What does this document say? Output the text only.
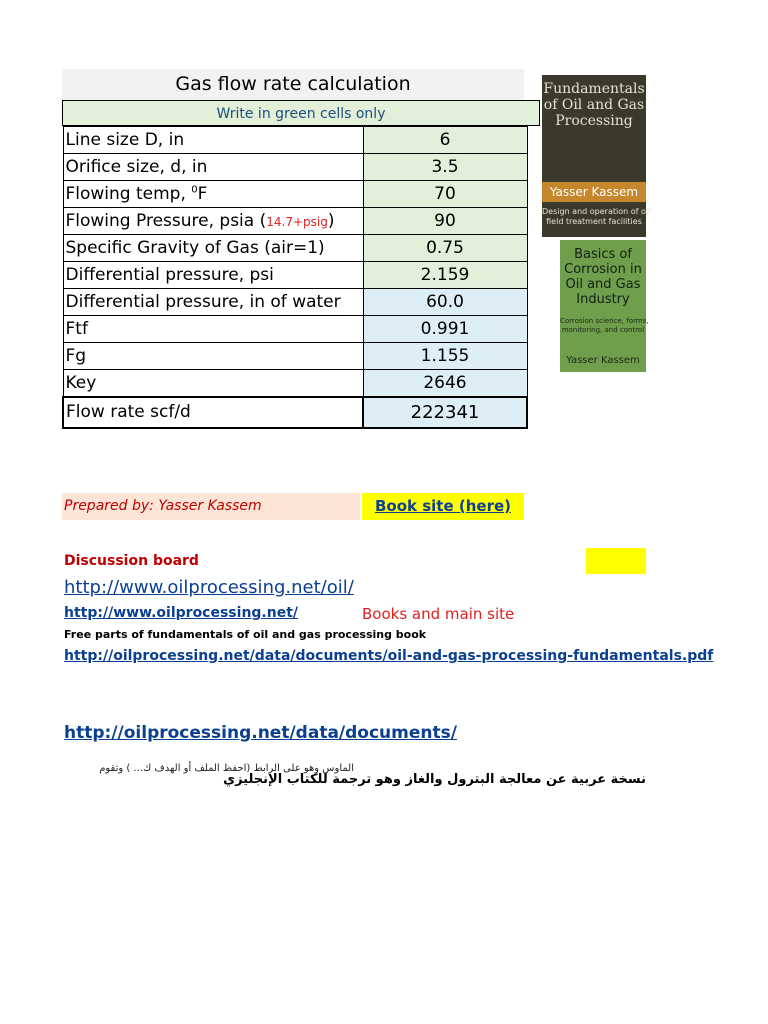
Gas flow rate calculation
Write in green cells only
Line size D, in	6
Orifice size, d, in	3.5
Flowing temp, $^0$F	70
Flowing Pressure, psia (14.7+psig)	90
Specific Gravity of Gas (air=1)	0.75
Differential pressure, psi	2.159
Differential pressure, in of water	60.0
Ftf	0.991
Fg	1.155
Key	2646
Flow rate scf/d	222341
Fundamentals
of Oil and Gas
Processing
Yasser Kassem
Design and operation of oil
field treatment facilities
Basics of
Corrosion in
Oil and Gas
Industry
Corrosion science, forms,
monitoring, and control
Yasser Kassem
Prepared by: Yasser Kassem	Book site (here)
Discussion board
http://www.oilprocessing.net/oil/
http://www.oilprocessing.net/	Books and main site
Free parts of fundamentals of oil and gas processing book
http://oilprocessing.net/data/documents/oil-and-gas-processing-fundamentals.pdf
http://oilprocessing.net/data/documents/
الماوس وهو على الرابط (احفظ الملف أو الهدف ك... ) وتقوم
نسخة عربية عن معالجة البترول والغاز وهو ترجمة للكتاب الإنجليزي
